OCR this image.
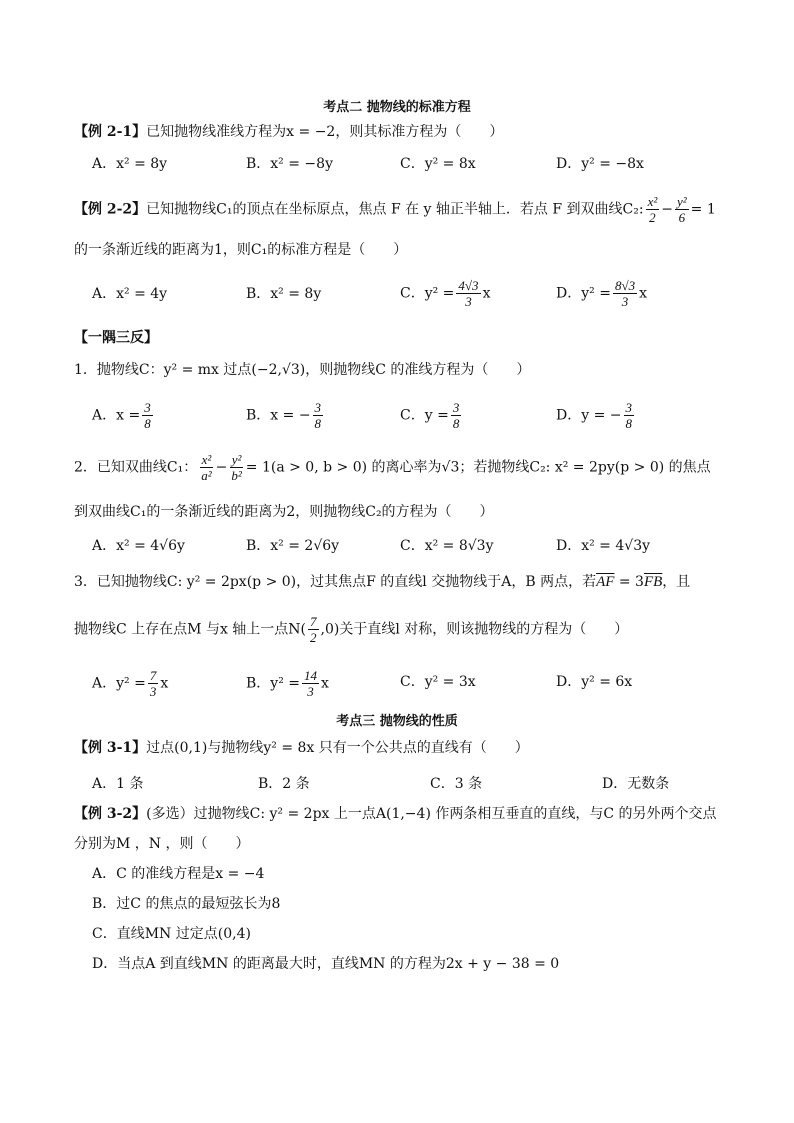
考点二 抛物线的标准方程
【例 2-1】已知抛物线准线方程为x = −2，则其标准方程为（　　）
A．x² = 8y	B．x² = −8y	C．y² = 8x	D．y² = −8x
【例 2-2】已知抛物线C₁的顶点在坐标原点，焦点 F 在 y 轴正半轴上．若点 F 到双曲线C₂: $\frac{\text{x²}}{2} - \frac{\text{y²}}{6} = 1$
的一条渐近线的距离为1，则C₁的标准方程是（　　）
A．x² = 4y	B．x² = 8y	C．$y^2 = \frac{4√3}{3}$ x	D．$y^2 = \frac{8√3}{3}$ x
【一隅三反】
1．抛物线C：y² = mx 过点(−2,√3)，则抛物线C 的准线方程为（　　）
A．$x = \frac{3}{8}$	B．x = − $\frac{3}{8}$	C．$y = \frac{3}{8}$	D．y = − $\frac{3}{8}$
2．已知双曲线C₁： $\frac{\text{x²}}{\text{a²}} - \frac{\text{y²}}{\text{b²}} = 1(a > 0$, b > 0) 的离心率为√3；若抛物线C₂: x² = 2py(p > 0) 的焦点
到双曲线C₁的一条渐近线的距离为2，则抛物线C₂的方程为（　　）
A．x² = 4√6y	B．x² = 2√6y	C．x² = 8√3y	D．x² = 4√3y
3．已知抛物线C: y² = 2px(p > 0)，过其焦点F 的直线l 交抛物线于A，B 两点，若$\overline{AF} = 3\overline{FB}$，且
抛物线C 上存在点M 与x 轴上一点$N( \frac{7}{2} ,0)$关于直线l 对称，则该抛物线的方程为（　　）
A．$y^2 = \frac{7}{3}$ x	B．$y^2 = \frac{14}{3}$ x	C．y² = 3x	D．y² = 6x
考点三 抛物线的性质
【例 3-1】过点(0,1)与抛物线y² = 8x 只有一个公共点的直线有（　　）
A．1 条	B．2 条	C．3 条	D．无数条
【例 3-2】(多选）过抛物线C: y² = 2px 上一点A(1,−4) 作两条相互垂直的直线，与C 的另外两个交点
分别为M ，N ，则（　　）
A．C 的准线方程是x = −4
B．过C 的焦点的最短弦长为8
C．直线MN 过定点(0,4)
D．当点A 到直线MN 的距离最大时，直线MN 的方程为2x + y − 38 = 0
